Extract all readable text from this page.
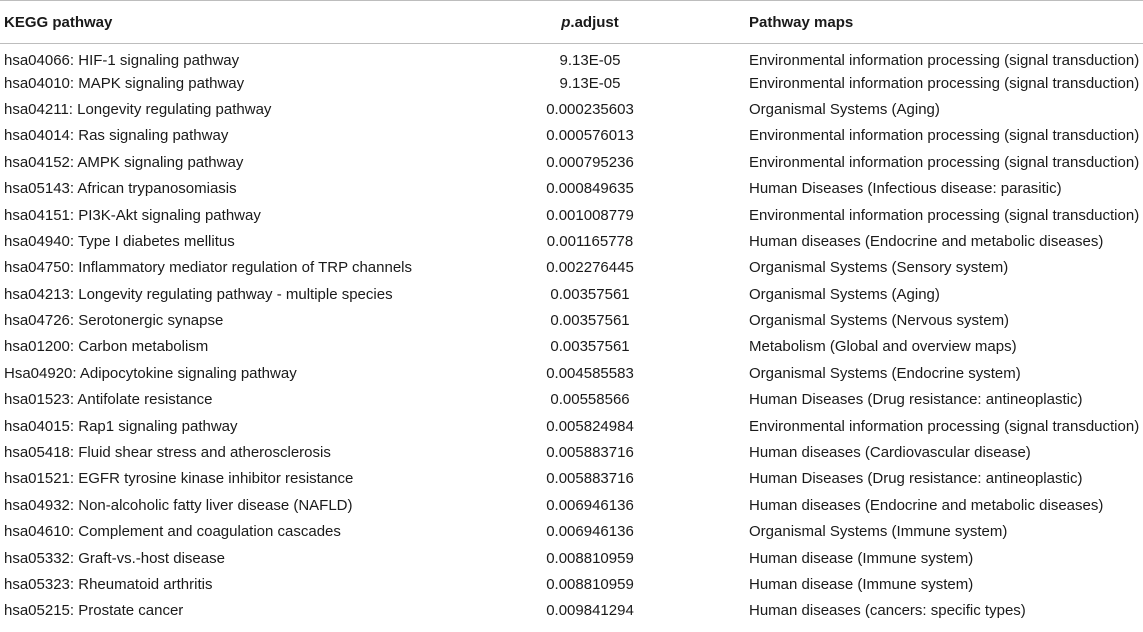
KEGG pathway	p.adjust	Pathway maps
hsa04066: HIF-1 signaling pathway	9.13E-05	Environmental information processing (signal transduction)
hsa04010: MAPK signaling pathway	9.13E-05	Environmental information processing (signal transduction)
hsa04211: Longevity regulating pathway	0.000235603	Organismal Systems (Aging)
hsa04014: Ras signaling pathway	0.000576013	Environmental information processing (signal transduction)
hsa04152: AMPK signaling pathway	0.000795236	Environmental information processing (signal transduction)
hsa05143: African trypanosomiasis	0.000849635	Human Diseases (Infectious disease: parasitic)
hsa04151: PI3K-Akt signaling pathway	0.001008779	Environmental information processing (signal transduction)
hsa04940: Type I diabetes mellitus	0.001165778	Human diseases (Endocrine and metabolic diseases)
hsa04750: Inflammatory mediator regulation of TRP channels	0.002276445	Organismal Systems (Sensory system)
hsa04213: Longevity regulating pathway - multiple species	0.00357561	Organismal Systems (Aging)
hsa04726: Serotonergic synapse	0.00357561	Organismal Systems (Nervous system)
hsa01200: Carbon metabolism	0.00357561	Metabolism (Global and overview maps)
Hsa04920: Adipocytokine signaling pathway	0.004585583	Organismal Systems (Endocrine system)
hsa01523: Antifolate resistance	0.00558566	Human Diseases (Drug resistance: antineoplastic)
hsa04015: Rap1 signaling pathway	0.005824984	Environmental information processing (signal transduction)
hsa05418: Fluid shear stress and atherosclerosis	0.005883716	Human diseases (Cardiovascular disease)
hsa01521: EGFR tyrosine kinase inhibitor resistance	0.005883716	Human Diseases (Drug resistance: antineoplastic)
hsa04932: Non-alcoholic fatty liver disease (NAFLD)	0.006946136	Human diseases (Endocrine and metabolic diseases)
hsa04610: Complement and coagulation cascades	0.006946136	Organismal Systems (Immune system)
hsa05332: Graft-vs.-host disease	0.008810959	Human disease (Immune system)
hsa05323: Rheumatoid arthritis	0.008810959	Human disease (Immune system)
hsa05215: Prostate cancer	0.009841294	Human diseases (cancers: specific types)
